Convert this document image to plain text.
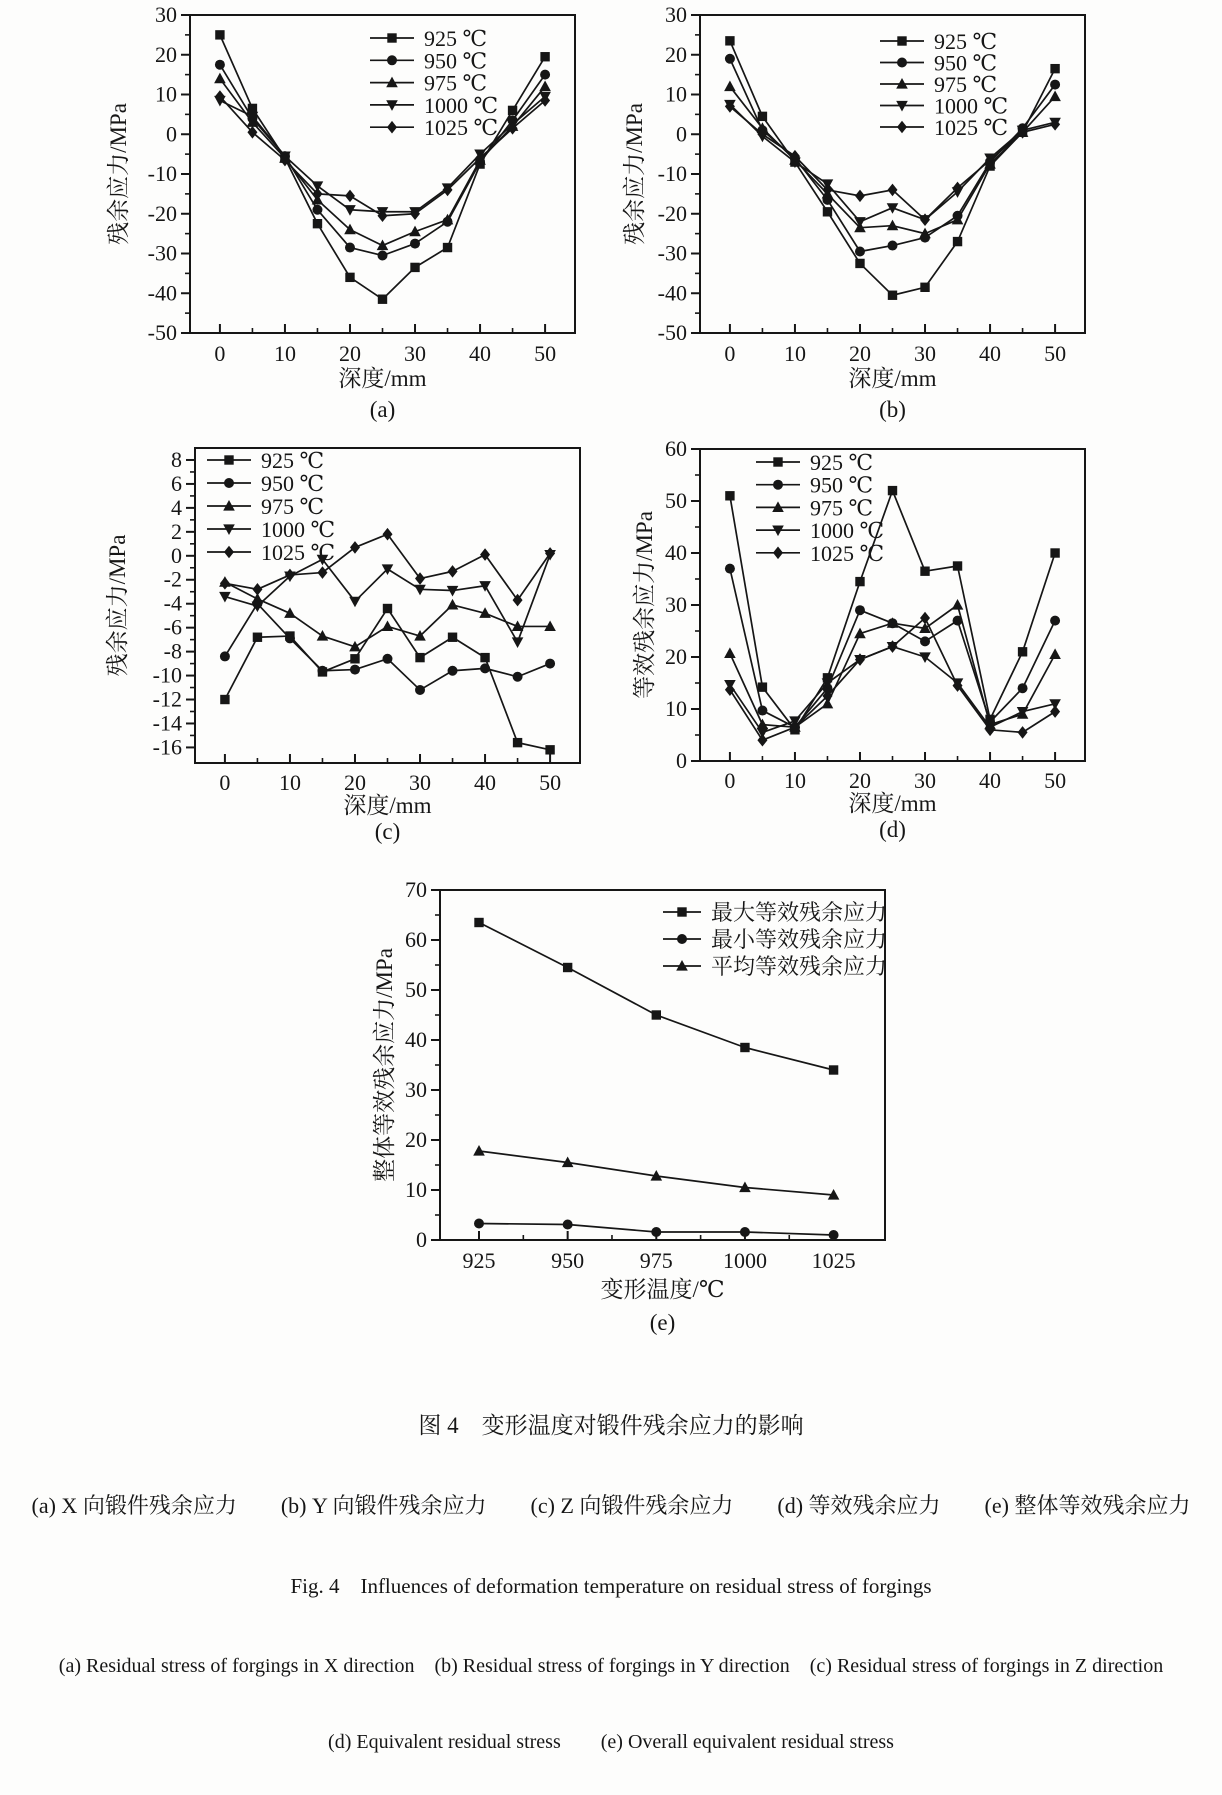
0 10 20 30 40 50
30
20
10
0
-10
-20
-30
-40
-50
深度/mm
残余应力/MPa
925 ℃
950 ℃
975 ℃
1000 ℃
1025 ℃
(a)
0 10 20 30 40 50
30
20
10
0
-10
-20
-30
-40
-50
深度/mm
残余应力/MPa
925 ℃
950 ℃
975 ℃
1000 ℃
1025 ℃
(b)
0 10 20 30 40 50
8
6
4
2
0
-2
-4
-6
-8
-10
-12
-14
-16
深度/mm
残余应力/MPa
925 ℃
950 ℃
975 ℃
1000 ℃
1025 ℃
(c)
0 10 20 30 40 50
0
10
20
30
40
50
60
深度/mm
等效残余应力/MPa
925 ℃
950 ℃
975 ℃
1000 ℃
1025 ℃
(d)
925	950	975 1000 1025
0
10
20
30
40
50
60
70
变形温度/℃
整体等效残余应力/MPa
最大等效残余应力
最小等效残余应力
平均等效残余应力
(e)

图 4　变形温度对锻件残余应力的影响

(a) X 向锻件残余应力　　(b) Y 向锻件残余应力　　(c) Z 向锻件残余应力　　(d) 等效残余应力　　(e) 整体等效残余应力

Fig. 4　Influences of deformation temperature on residual stress of forgings

(a) Residual stress of forgings in X direction　(b) Residual stress of forgings in Y direction　(c) Residual stress of forgings in Z direction

(d) Equivalent residual stress　　(e) Overall equivalent residual stress
